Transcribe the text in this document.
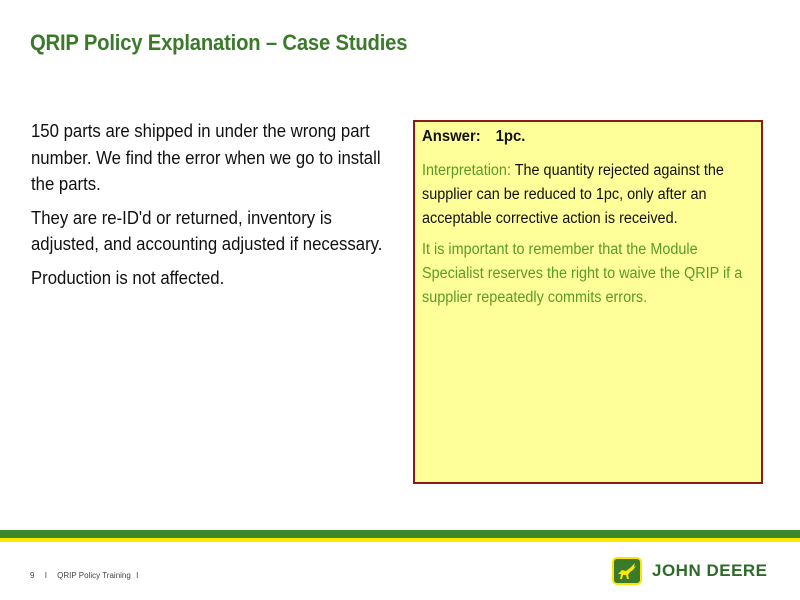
QRIP Policy Explanation – Case Studies

150 parts are shipped in under the wrong part number. We find the error when we go to install the parts.

They are re-ID'd or returned, inventory is adjusted, and accounting adjusted if necessary.

Production is not affected.

Answer: 1pc.

Interpretation: The quantity rejected against the supplier can be reduced to 1pc, only after an acceptable corrective action is received.

It is important to remember that the Module Specialist reserves the right to waive the QRIP if a supplier repeatedly commits errors.

9 I QRIP Policy Training I	JOHN DEERE
